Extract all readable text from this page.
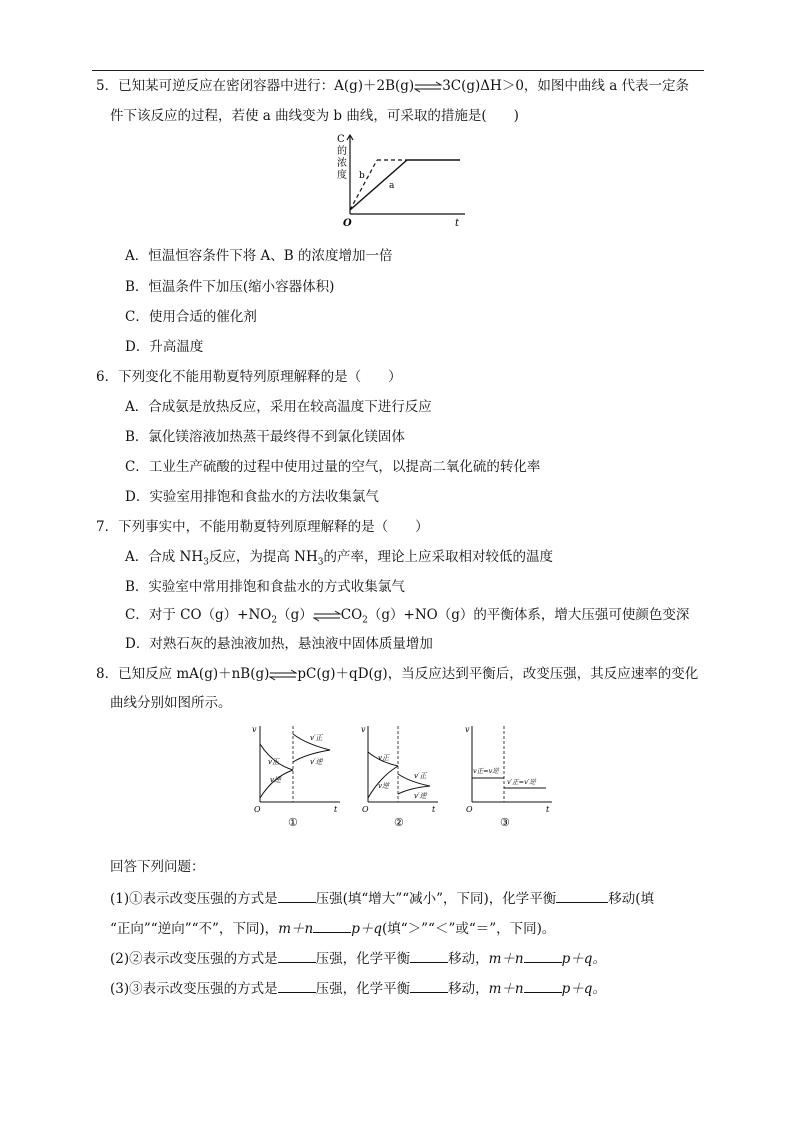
5．已知某可逆反应在密闭容器中进行：A(g)＋2B(g)⇌3C(g)ΔH＞0，如图中曲线 a 代表一定条
件下该反应的过程，若使 a 曲线变为 b 曲线，可采取的措施是(　　)
C
的
浓
度
t
O
a
b
A．恒温恒容条件下将 A、B 的浓度增加一倍
B．恒温条件下加压(缩小容器体积)
C．使用合适的催化剂
D．升高温度
6．下列变化不能用勒夏特列原理解释的是（　　）
A．合成氨是放热反应，采用在较高温度下进行反应
B．氯化镁溶液加热蒸干最终得不到氯化镁固体
C．工业生产硫酸的过程中使用过量的空气，以提高二氧化硫的转化率
D．实验室用排饱和食盐水的方法收集氯气
7．下列事实中，不能用勒夏特列原理解释的是（　　）
A．合成 $NH_3$反应，为提高 $NH_3$的产率，理论上应采取相对较低的温度
B．实验室中常用排饱和食盐水的方式收集氯气
C．对于 $CO(g)+NO_2(g)\rightleftharpoons CO_2(g)+NO(g)$的平衡体系，增大压强可使颜色变深
D．对熟石灰的悬浊液加热，悬浊液中固体质量增加
8．已知反应 mA(g)＋nB(g)⇌pC(g)＋qD(g)，当反应达到平衡后，改变压强，其反应速率的变化
曲线分别如图所示。
v
t
O
v正
v逆
v′正
v′逆
①
v
t
O
v正
v逆
v′正
v′逆
②
v
t
O
v正=v逆
v′正=v′逆
③
回答下列问题：
(1)①表示改变压强的方式是	压强(填“增大”“减小”，下同)，化学平衡	移动(填
“正向”“逆向”“不”，下同)，m＋n	p＋q(填“＞”“＜”或“＝”，下同)。
(2)②表示改变压强的方式是	压强，化学平衡	移动，m＋n	p＋q。
(3)③表示改变压强的方式是	压强，化学平衡	移动，m＋n	p＋q。
